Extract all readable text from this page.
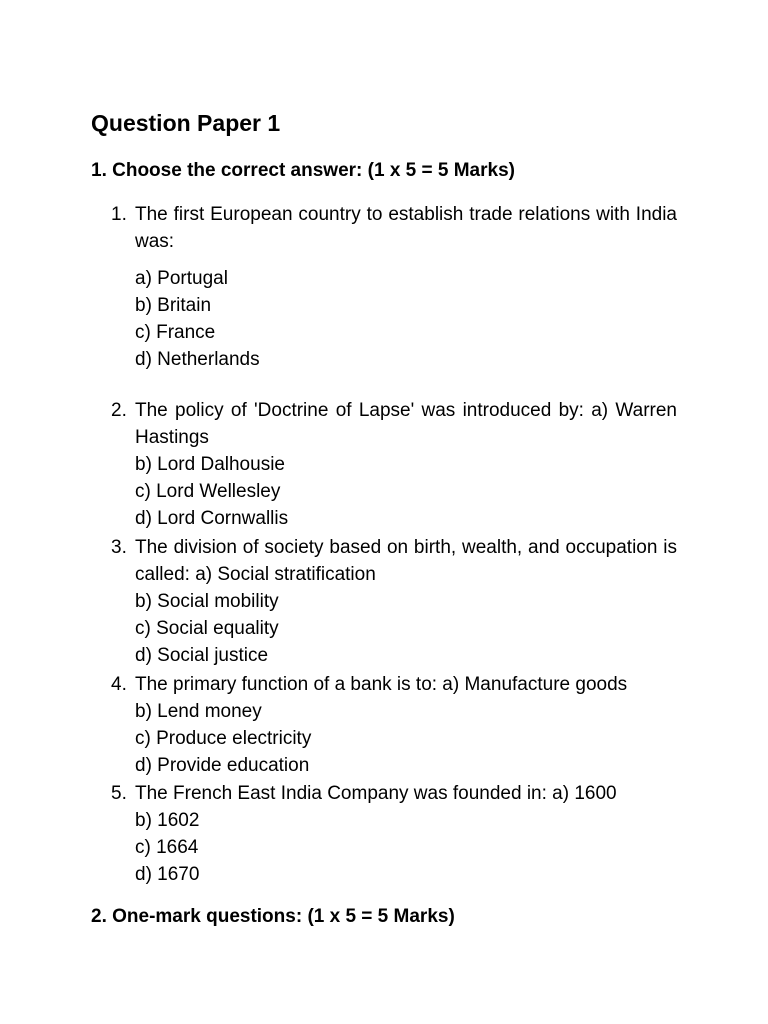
Question Paper 1
1. Choose the correct answer: (1 x 5 = 5 Marks)
1. The first European country to establish trade relations with India was:
a) Portugal
b) Britain
c) France
d) Netherlands
2. The policy of 'Doctrine of Lapse' was introduced by: a) Warren Hastings
b) Lord Dalhousie
c) Lord Wellesley
d) Lord Cornwallis
3. The division of society based on birth, wealth, and occupation is called: a) Social stratification
b) Social mobility
c) Social equality
d) Social justice
4. The primary function of a bank is to: a) Manufacture goods
b) Lend money
c) Produce electricity
d) Provide education
5. The French East India Company was founded in: a) 1600
b) 1602
c) 1664
d) 1670
2. One-mark questions: (1 x 5 = 5 Marks)
